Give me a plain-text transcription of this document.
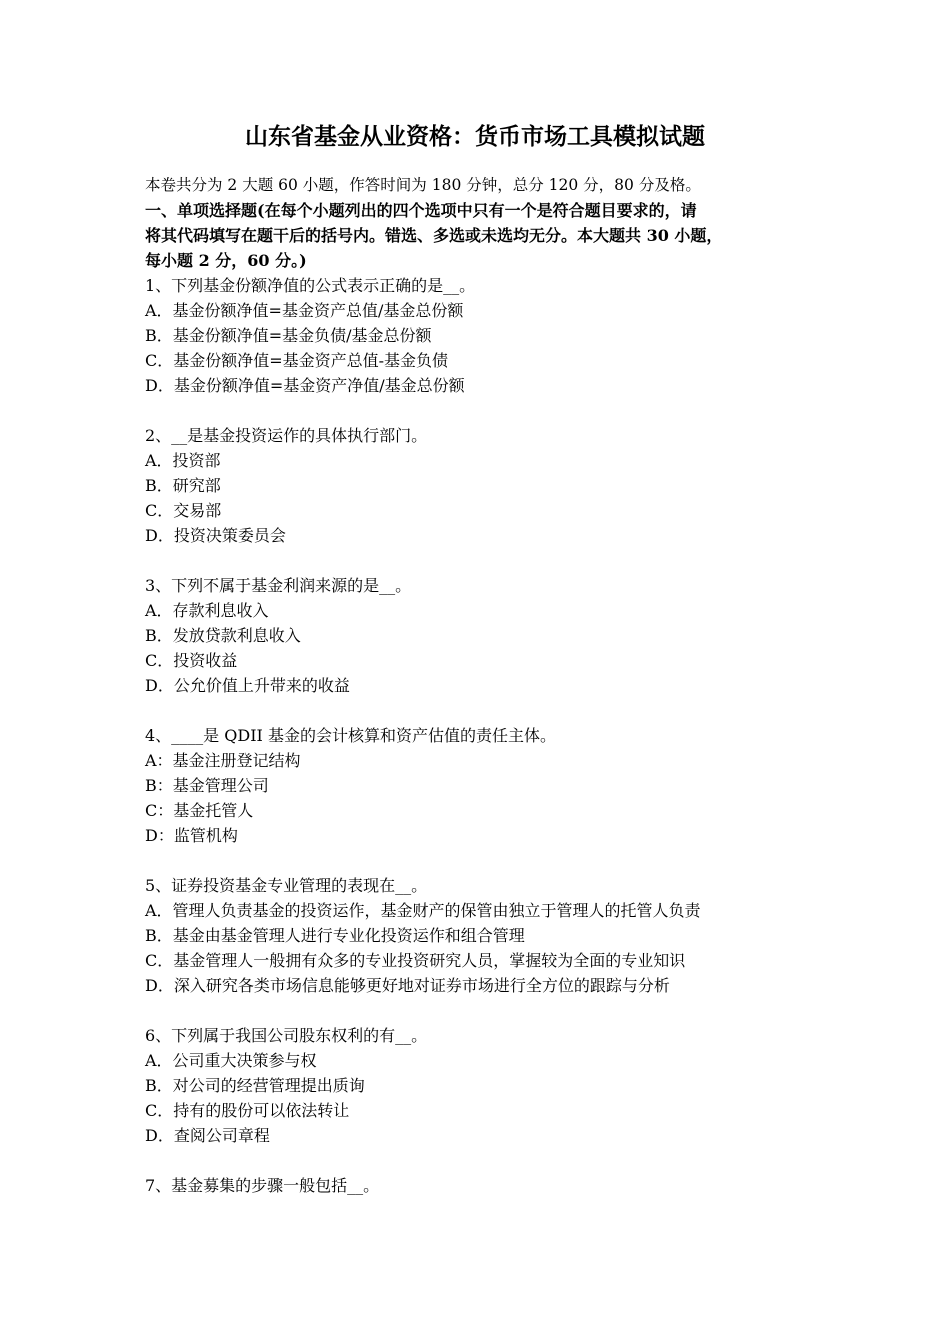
山东省基金从业资格：货币市场工具模拟试题
本卷共分为 2 大题 60 小题，作答时间为 180 分钟，总分 120 分，80 分及格。
一、单项选择题(在每个小题列出的四个选项中只有一个是符合题目要求的，请
将其代码填写在题干后的括号内。错选、多选或未选均无分。本大题共 30 小题，
每小题 2 分，60 分。)
1、下列基金份额净值的公式表示正确的是__。
A．基金份额净值=基金资产总值/基金总份额
B．基金份额净值=基金负债/基金总份额
C．基金份额净值=基金资产总值-基金负债
D．基金份额净值=基金资产净值/基金总份额
2、__是基金投资运作的具体执行部门。
A．投资部
B．研究部
C．交易部
D．投资决策委员会
3、下列不属于基金利润来源的是__。
A．存款利息收入
B．发放贷款利息收入
C．投资收益
D．公允价值上升带来的收益
4、____是 QDII 基金的会计核算和资产估值的责任主体。
A：基金注册登记结构
B：基金管理公司
C：基金托管人
D：监管机构
5、证券投资基金专业管理的表现在__。
A．管理人负责基金的投资运作，基金财产的保管由独立于管理人的托管人负责
B．基金由基金管理人进行专业化投资运作和组合管理
C．基金管理人一般拥有众多的专业投资研究人员，掌握较为全面的专业知识
D．深入研究各类市场信息能够更好地对证券市场进行全方位的跟踪与分析
6、下列属于我国公司股东权利的有__。
A．公司重大决策参与权
B．对公司的经营管理提出质询
C．持有的股份可以依法转让
D．查阅公司章程
7、基金募集的步骤一般包括__。
